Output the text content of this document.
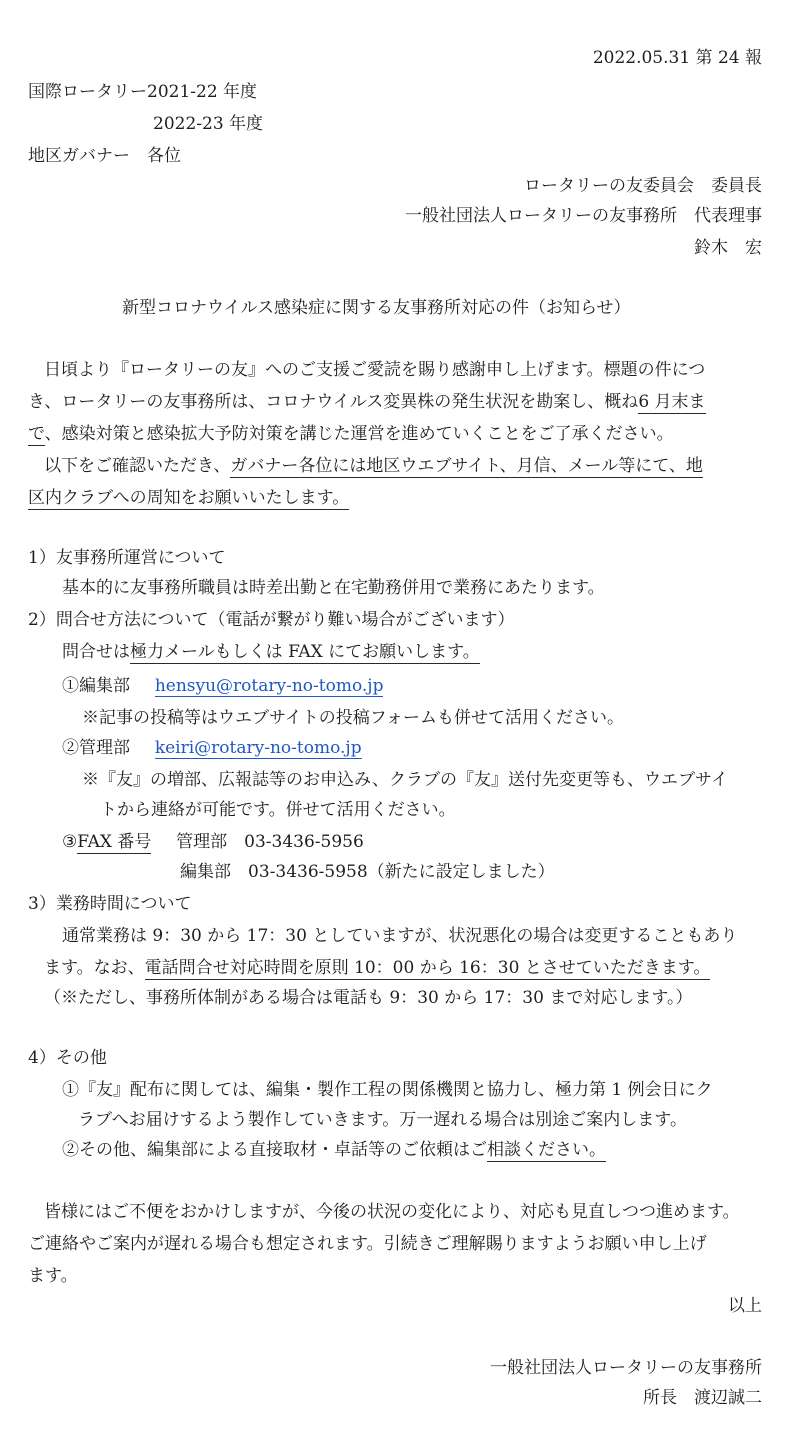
2022.05.31 第 24 報
国際ロータリー2021-22 年度
2022-23 年度
地区ガバナー　各位
ロータリーの友委員会　委員長
一般社団法人ロータリーの友事務所　代表理事
鈴木　宏
新型コロナウイルス感染症に関する友事務所対応の件（お知らせ）
日頃より『ロータリーの友』へのご支援ご愛読を賜り感謝申し上げます。標題の件につ
き、ロータリーの友事務所は、コロナウイルス変異株の発生状況を勘案し、概ね6 月末ま
で、感染対策と感染拡大予防対策を講じた運営を進めていくことをご了承ください。
以下をご確認いただき、ガバナー各位には地区ウエブサイト、月信、メール等にて、地
区内クラブへの周知をお願いいたします。
1）友事務所運営について
基本的に友事務所職員は時差出勤と在宅勤務併用で業務にあたります。
2）問合せ方法について（電話が繋がり難い場合がございます）
問合せは極力メールもしくは FAX にてお願いします。
①編集部 hensyu@rotary-no-tomo.jp
※記事の投稿等はウエブサイトの投稿フォームも併せて活用ください。
②管理部 keiri@rotary-no-tomo.jp
※『友』の増部、広報誌等のお申込み、クラブの『友』送付先変更等も、ウエブサイ
トから連絡が可能です。併せて活用ください。
③FAX 番号 管理部　03-3436-5956
編集部　03-3436-5958（新たに設定しました）
3）業務時間について
通常業務は 9：30 から 17：30 としていますが、状況悪化の場合は変更することもあり
ます。なお、電話問合せ対応時間を原則 10：00 から 16：30 とさせていただきます。
（※ただし、事務所体制がある場合は電話も 9：30 から 17：30 まで対応します。）
4）その他
①『友』配布に関しては、編集・製作工程の関係機関と協力し、極力第 1 例会日にク
ラブへお届けするよう製作していきます。万一遅れる場合は別途ご案内します。
②その他、編集部による直接取材・卓話等のご依頼はご相談ください。
皆様にはご不便をおかけしますが、今後の状況の変化により、対応も見直しつつ進めます。
ご連絡やご案内が遅れる場合も想定されます。引続きご理解賜りますようお願い申し上げ
ます。
以上
一般社団法人ロータリーの友事務所
所長　渡辺誠二
